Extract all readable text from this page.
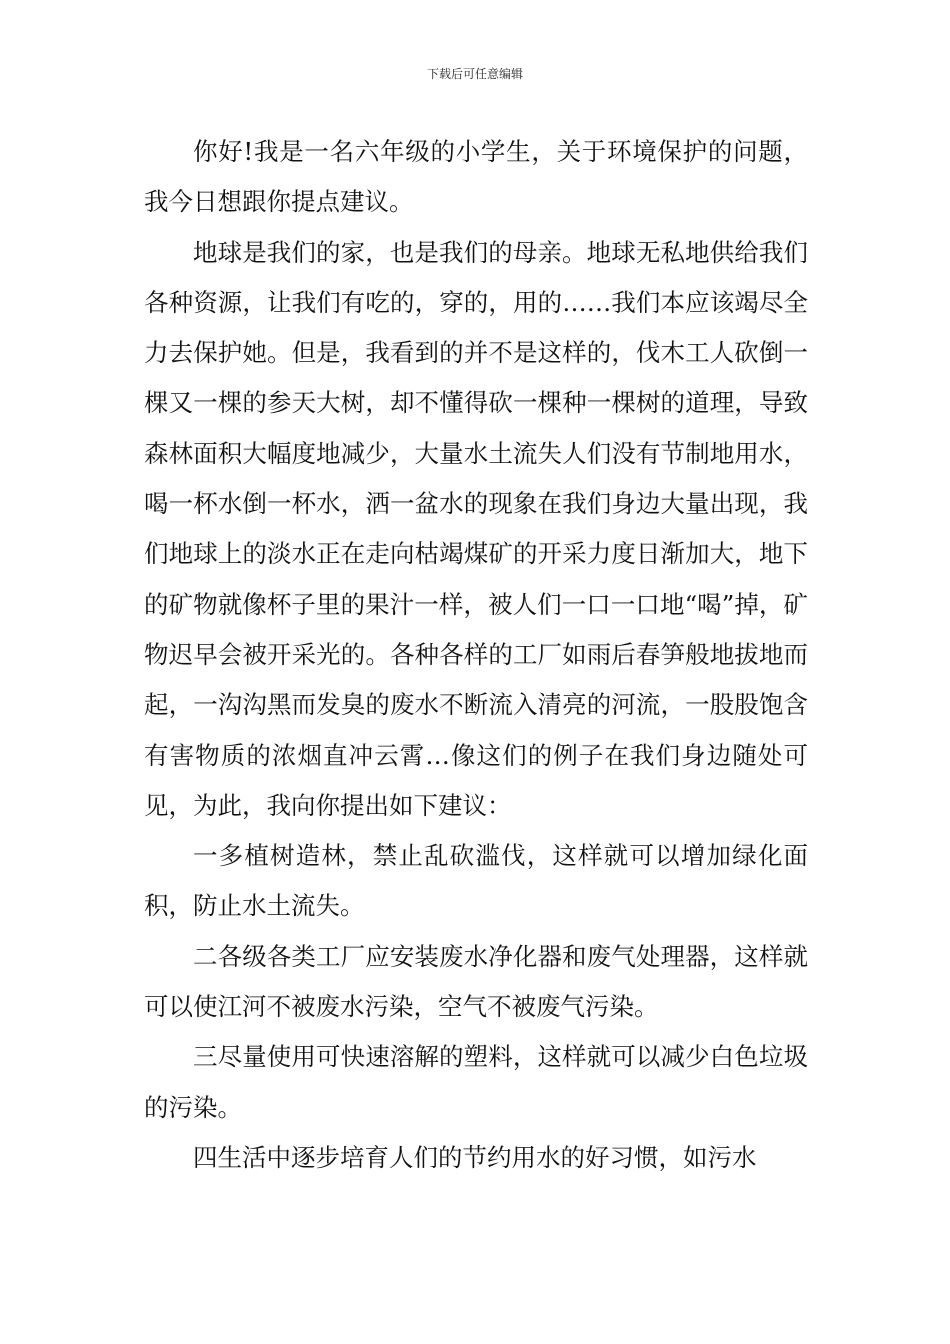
下载后可任意编辑

你好!我是一名六年级的小学生，关于环境保护的问题，我今日想跟你提点建议。

地球是我们的家，也是我们的母亲。地球无私地供给我们各种资源，让我们有吃的，穿的，用的……我们本应该竭尽全力去保护她。但是，我看到的并不是这样的，伐木工人砍倒一棵又一棵的参天大树，却不懂得砍一棵种一棵树的道理，导致森林面积大幅度地减少，大量水土流失人们没有节制地用水，喝一杯水倒一杯水，洒一盆水的现象在我们身边大量出现，我们地球上的淡水正在走向枯竭煤矿的开采力度日渐加大，地下的矿物就像杯子里的果汁一样，被人们一口一口地“喝”掉，矿物迟早会被开采光的。各种各样的工厂如雨后春笋般地拔地而起，一沟沟黑而发臭的废水不断流入清亮的河流，一股股饱含有害物质的浓烟直冲云霄…像这们的例子在我们身边随处可见，为此，我向你提出如下建议：

一多植树造林，禁止乱砍滥伐，这样就可以增加绿化面积，防止水土流失。

二各级各类工厂应安装废水净化器和废气处理器，这样就可以使江河不被废水污染，空气不被废气污染。

三尽量使用可快速溶解的塑料，这样就可以减少白色垃圾的污染。

四生活中逐步培育人们的节约用水的好习惯，如污水
